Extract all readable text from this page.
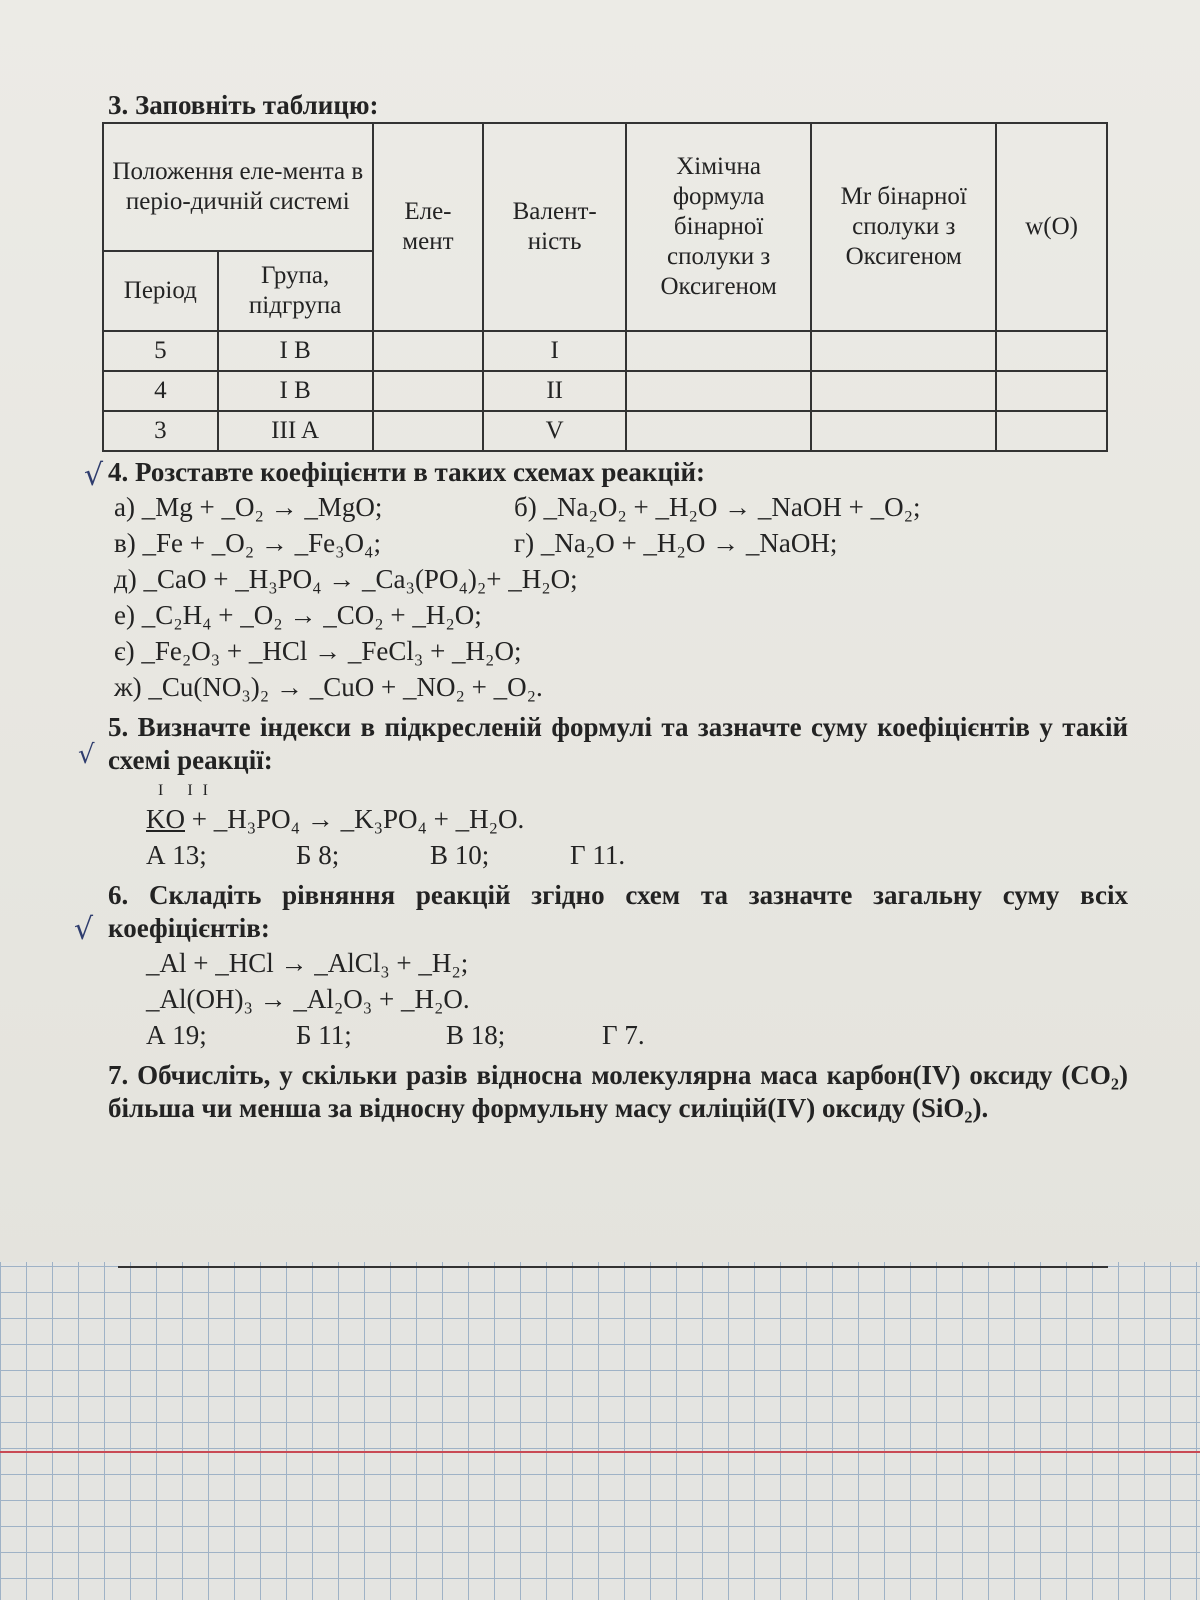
√
√
√

3. Заповніть таблицю:

Положення еле-мента в періо-дичній системі		Еле-мент	Валент-ність	Хімічна формула бінарної сполуки з Оксигеном	Mr бінарної сполуки з Оксигеном	w(O)
Період	Група, підгрупа					
5	I B		I			
4	I B		II			
3	III A		V			

4. Розставте коефіцієнти в таких схемах реакцій:

а) _Mg + _O₂ → _MgO;	б) _Na₂O₂ + _H₂O → _NaOH + _O₂;

в) _Fe + _O₂ → _Fe₃O₄;	г) _Na₂O + _H₂O → _NaOH;

д) _CaO + _H₃PO₄ → _Ca₃(PO₄)₂+ _H₂O;

е) _C₂H₄ + _O₂ → _CO₂ + _H₂O;

є) _Fe₂O₃ + _HCl → _FeCl₃ + _H₂O;

ж) _Cu(NO₃)₂ → _CuO + _NO₂ + _O₂.

5. Визначте індекси в підкресленій формулі та зазначте суму коефіцієнтів у такій схемі реакції:

I II

KO + _H₃PO₄ → _K₃PO₄ + _H₂O.

А 13;	Б 8;	В 10;	Г 11.

6. Складіть рівняння реакцій згідно схем та зазначте загальну суму всіх коефіцієнтів:

_Al + _HCl → _AlCl₃ + _H₂;

_Al(OH)₃ → _Al₂O₃ + _H₂O.

А 19;	Б 11;	В 18;	Г 7.

7. Обчисліть, у скільки разів відносна молекулярна маса карбон(IV) оксиду (CO₂) більша чи менша за відносну формульну масу силіцій(IV) оксиду (SiO₂).
